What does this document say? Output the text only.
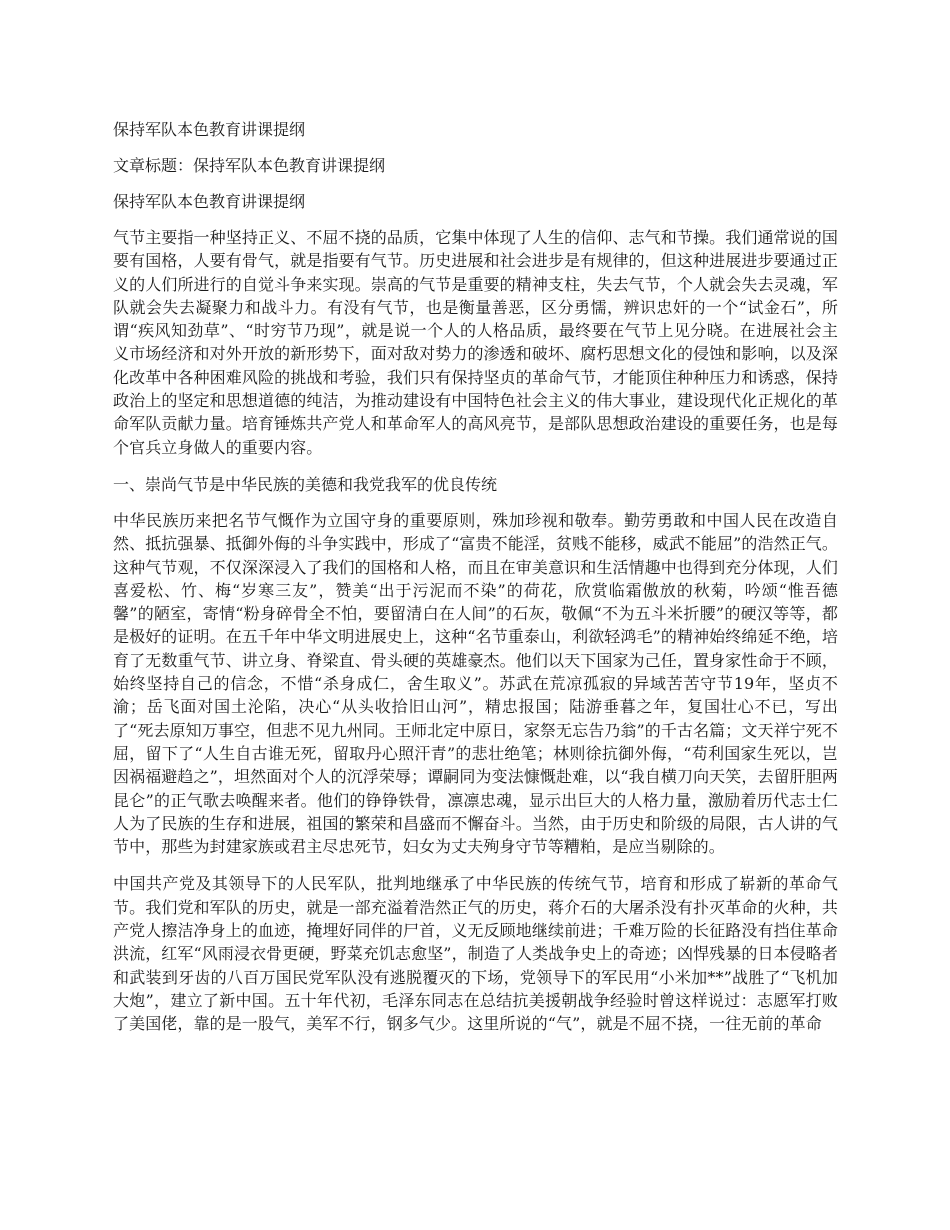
保持军队本色教育讲课提纲

文章标题：保持军队本色教育讲课提纲

保持军队本色教育讲课提纲

气节主要指一种坚持正义、不屈不挠的品质，它集中体现了人生的信仰、志气和节操。我们通常说的国要有国格，人要有骨气，就是指要有气节。历史进展和社会进步是有规律的，但这种进展进步要通过正义的人们所进行的自觉斗争来实现。崇高的气节是重要的精神支柱，失去气节，个人就会失去灵魂，军队就会失去凝聚力和战斗力。有没有气节，也是衡量善恶，区分勇懦，辨识忠奸的一个“试金石”，所谓“疾风知劲草”、“时穷节乃现”，就是说一个人的人格品质，最终要在气节上见分晓。在进展社会主义市场经济和对外开放的新形势下，面对敌对势力的渗透和破坏、腐朽思想文化的侵蚀和影响，以及深化改革中各种困难风险的挑战和考验，我们只有保持坚贞的革命气节，才能顶住种种压力和诱惑，保持政治上的坚定和思想道德的纯洁，为推动建设有中国特色社会主义的伟大事业，建设现代化正规化的革命军队贡献力量。培育锤炼共产党人和革命军人的高风亮节，是部队思想政治建设的重要任务，也是每个官兵立身做人的重要内容。

一、崇尚气节是中华民族的美德和我党我军的优良传统

中华民族历来把名节气慨作为立国守身的重要原则，殊加珍视和敬奉。勤劳勇敢和中国人民在改造自然、抵抗强暴、抵御外侮的斗争实践中，形成了“富贵不能淫，贫贱不能移，威武不能屈”的浩然正气。这种气节观，不仅深深浸入了我们的国格和人格，而且在审美意识和生活情趣中也得到充分体现，人们喜爱松、竹、梅“岁寒三友”，赞美“出于污泥而不染”的荷花，欣赏临霜傲放的秋菊，吟颂“惟吾德馨”的陋室，寄情“粉身碎骨全不怕，要留清白在人间”的石灰，敬佩“不为五斗米折腰”的硬汉等等，都是极好的证明。在五千年中华文明进展史上，这种“名节重泰山，利欲轻鸿毛”的精神始终绵延不绝，培育了无数重气节、讲立身、脊梁直、骨头硬的英雄豪杰。他们以天下国家为己任，置身家性命于不顾，始终坚持自己的信念，不惜“杀身成仁，舍生取义”。苏武在荒凉孤寂的异域苦苦守节19年，坚贞不渝；岳飞面对国土沦陷，决心“从头收拾旧山河”，精忠报国；陆游垂暮之年，复国壮心不已，写出了“死去原知万事空，但悲不见九州同。王师北定中原日，家祭无忘告乃翁”的千古名篇；文天祥宁死不屈，留下了“人生自古谁无死，留取丹心照汗青”的悲壮绝笔；林则徐抗御外侮，“苟利国家生死以，岂因祸福避趋之”，坦然面对个人的沉浮荣辱；谭嗣同为变法慷慨赴难，以“我自横刀向天笑，去留肝胆两昆仑”的正气歌去唤醒来者。他们的铮铮铁骨，凛凛忠魂，显示出巨大的人格力量，激励着历代志士仁人为了民族的生存和进展，祖国的繁荣和昌盛而不懈奋斗。当然，由于历史和阶级的局限，古人讲的气节中，那些为封建家族或君主尽忠死节，妇女为丈夫殉身守节等糟粕，是应当剔除的。

中国共产党及其领导下的人民军队，批判地继承了中华民族的传统气节，培育和形成了崭新的革命气节。我们党和军队的历史，就是一部充溢着浩然正气的历史，蒋介石的大屠杀没有扑灭革命的火种，共产党人擦洁净身上的血迹，掩埋好同伴的尸首，义无反顾地继续前进；千难万险的长征路没有挡住革命洪流，红军“风雨浸衣骨更硬，野菜充饥志愈坚”，制造了人类战争史上的奇迹；凶悍残暴的日本侵略者和武装到牙齿的八百万国民党军队没有逃脱覆灭的下场，党领导下的军民用“小米加**”战胜了“飞机加大炮”，建立了新中国。五十年代初，毛泽东同志在总结抗美援朝战争经验时曾这样说过：志愿军打败了美国佬，靠的是一股气，美军不行，钢多气少。这里所说的“气”，就是不屈不挠，一往无前的革命
